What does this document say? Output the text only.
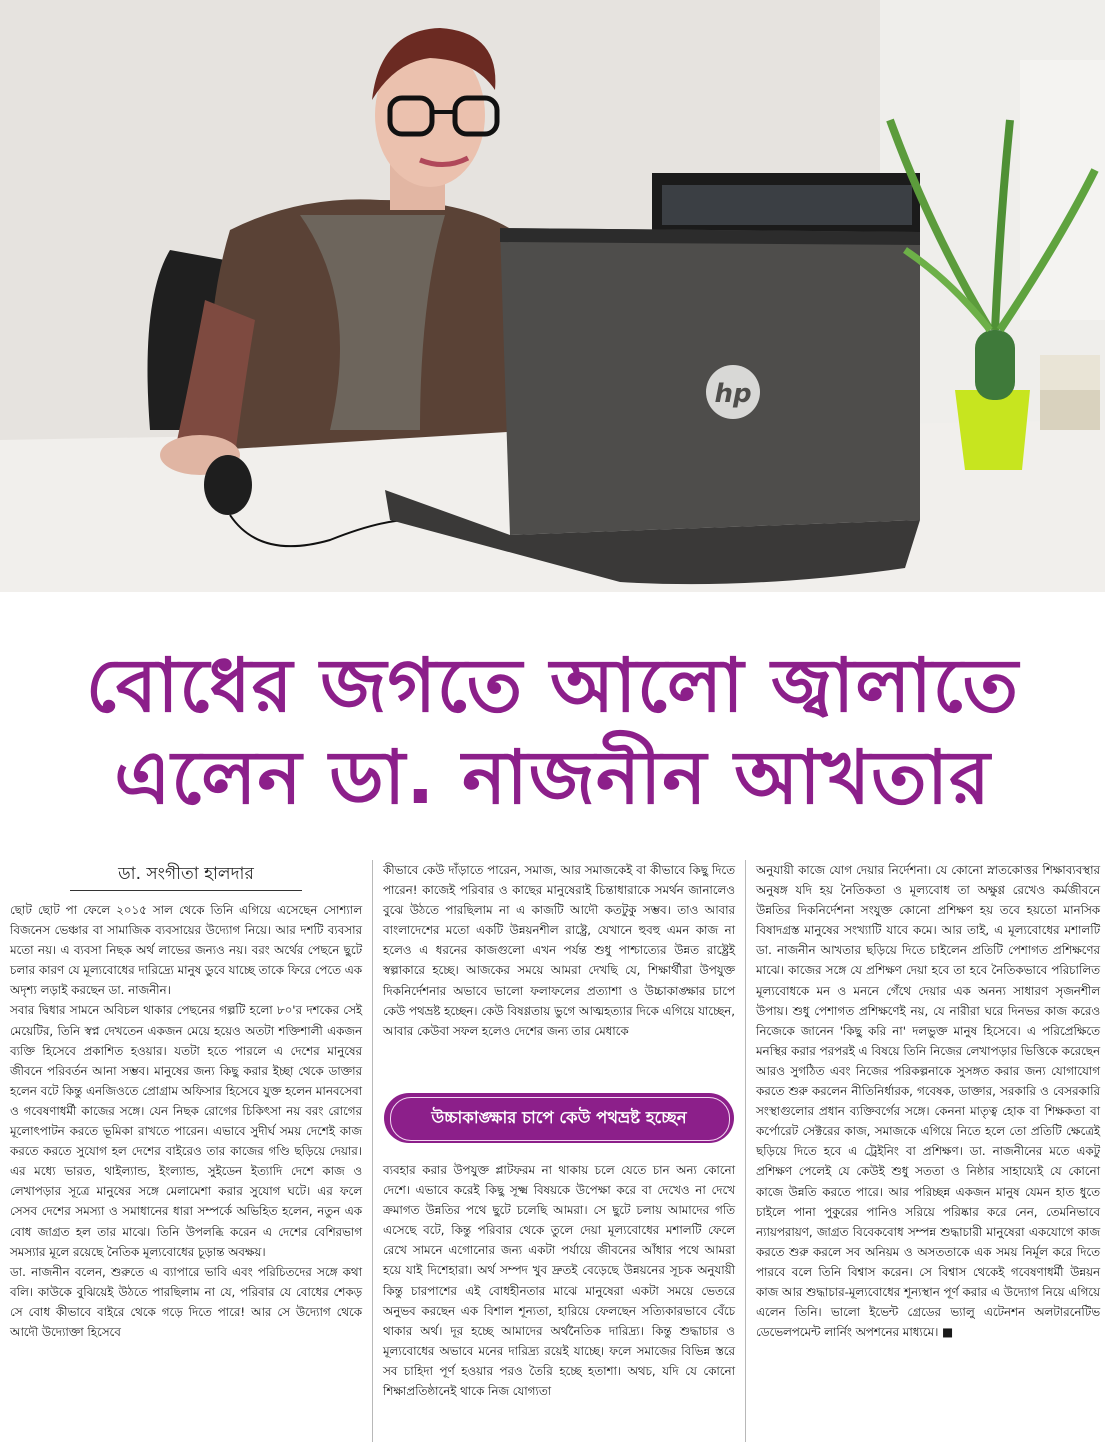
hp
বোধের জগতে আলো জ্বালাতে
এলেন ডা. নাজনীন আখতার
ডা. সংগীতা হালদার

ছোট ছোট পা ফেলে ২০১৫ সাল থেকে তিনি এগিয়ে এসেছেন সোশ্যাল বিজনেস ভেঞ্চার বা সামাজিক ব্যবসায়ের উদ্যোগ নিয়ে। আর দশটি ব্যবসার মতো নয়। এ ব্যবসা নিছক অর্থ লাভের জন্যও নয়। বরং অর্থের পেছনে ছুটে চলার কারণ যে মূল্যবোধের দারিদ্র্যে মানুষ ডুবে যাচ্ছে তাকে ফিরে পেতে এক অদৃশ্য লড়াই করছেন ডা. নাজনীন।

সবার দ্বিধার সামনে অবিচল থাকার পেছনের গল্পটি হলো ৮০'র দশকের সেই মেয়েটির, তিনি স্বপ্ন দেখতেন একজন মেয়ে হয়েও অতটা শক্তিশালী একজন ব্যক্তি হিসেবে প্রকাশিত হওয়ার। যতটা হতে পারলে এ দেশের মানুষের জীবনে পরিবর্তন আনা সম্ভব। মানুষের জন্য কিছু করার ইচ্ছা থেকে ডাক্তার হলেন বটে কিন্তু এনজিওতে প্রোগ্রাম অফিসার হিসেবে যুক্ত হলেন মানবসেবা ও গবেষণাধর্মী কাজের সঙ্গে। যেন নিছক রোগের চিকিৎসা নয় বরং রোগের মূলোৎপাটন করতে ভূমিকা রাখতে পারেন। এভাবে সুদীর্ঘ সময় দেশেই কাজ করতে করতে সুযোগ হল দেশের বাইরেও তার কাজের গণ্ডি ছড়িয়ে দেয়ার। এর মধ্যে ভারত, থাইল্যান্ড, ইংল্যান্ড, সুইডেন ইত্যাদি দেশে কাজ ও লেখাপড়ার সূত্রে মানুষের সঙ্গে মেলামেশা করার সুযোগ ঘটে। এর ফলে সেসব দেশের সমস্যা ও সমাধানের ধারা সম্পর্কে অভিহিত হলেন, নতুন এক বোধ জাগ্রত হল তার মাঝে। তিনি উপলব্ধি করেন এ দেশের বেশিরভাগ সমস্যার মূলে রয়েছে নৈতিক মূল্যবোধের চূড়ান্ত অবক্ষয়।

ডা. নাজনীন বলেন, শুরুতে এ ব্যাপারে ভাবি এবং পরিচিতদের সঙ্গে কথা বলি। কাউকে বুঝিয়েই উঠতে পারছিলাম না যে, পরিবার যে বোধের শেকড় সে বোধ কীভাবে বাইরে থেকে গড়ে দিতে পারে! আর সে উদ্যোগ থেকে আদৌ উদ্যোক্তা হিসেবে

কীভাবে কেউ দাঁড়াতে পারেন, সমাজ, আর সমাজকেই বা কীভাবে কিছু দিতে পারেন! কাজেই পরিবার ও কাছের মানুষেরাই চিন্তাধারাকে সমর্থন জানালেও বুঝে উঠতে পারছিলাম না এ কাজটি আদৌ কতটুকু সম্ভব। তাও আবার বাংলাদেশের মতো একটি উন্নয়নশীল রাষ্ট্রে, যেখানে হুবহু এমন কাজ না হলেও এ ধরনের কাজগুলো এখন পর্যন্ত শুধু পাশ্চাত্যের উন্নত রাষ্ট্রেই স্বল্পাকারে হচ্ছে। আজকের সময়ে আমরা দেখছি যে, শিক্ষার্থীরা উপযুক্ত দিকনির্দেশনার অভাবে ভালো ফলাফলের প্রত্যাশা ও উচ্চাকাঙ্ক্ষার চাপে কেউ পথভ্রষ্ট হচ্ছেন। কেউ বিষণ্ণতায় ভুগে আত্মহত্যার দিকে এগিয়ে যাচ্ছেন, আবার কেউবা সফল হলেও দেশের জন্য তার মেধাকে

উচ্চাকাঙ্ক্ষার চাপে কেউ পথভ্রষ্ট হচ্ছেন

ব্যবহার করার উপযুক্ত প্লাটফরম না থাকায় চলে যেতে চান অন্য কোনো দেশে। এভাবে করেই কিছু সূক্ষ্ম বিষয়কে উপেক্ষা করে বা দেখেও না দেখে ক্রমাগত উন্নতির পথে ছুটে চলেছি আমরা। সে ছুটে চলায় আমাদের গতি এসেছে বটে, কিন্তু পরিবার থেকে তুলে দেয়া মূল্যবোধের মশালটি ফেলে রেখে সামনে এগোনোর জন্য একটা পর্যায়ে জীবনের আঁধার পথে আমরা হয়ে যাই দিশেহারা। অর্থ সম্পদ খুব দ্রুতই বেড়েছে উন্নয়নের সূচক অনুযায়ী কিন্তু চারপাশের এই বোধহীনতার মাঝে মানুষেরা একটা সময়ে ভেতরে অনুভব করছেন এক বিশাল শূন্যতা, হারিয়ে ফেলছেন সত্যিকারভাবে বেঁচে থাকার অর্থ। দূর হচ্ছে আমাদের অর্থনৈতিক দারিদ্র্য। কিন্তু শুদ্ধাচার ও মূল্যবোধের অভাবে মনের দারিদ্র্য রয়েই যাচ্ছে। ফলে সমাজের বিভিন্ন স্তরে সব চাহিদা পূর্ণ হওয়ার পরও তৈরি হচ্ছে হতাশা। অথচ, যদি যে কোনো শিক্ষাপ্রতিষ্ঠানেই থাকে নিজ যোগ্যতা

অনুযায়ী কাজে যোগ দেয়ার নির্দেশনা। যে কোনো স্নাতকোত্তর শিক্ষাব্যবস্থার অনুষঙ্গ যদি হয় নৈতিকতা ও মূল্যবোধ তা অক্ষুণ্ণ রেখেও কর্মজীবনে উন্নতির দিকনির্দেশনা সংযুক্ত কোনো প্রশিক্ষণ হয় তবে হয়তো মানসিক বিষাদগ্রস্ত মানুষের সংখ্যাটি যাবে কমে। আর তাই, এ মূল্যবোধের মশালটি ডা. নাজনীন আখতার ছড়িয়ে দিতে চাইলেন প্রতিটি পেশাগত প্রশিক্ষণের মাঝে। কাজের সঙ্গে যে প্রশিক্ষণ দেয়া হবে তা হবে নৈতিকভাবে পরিচালিত মূল্যবোধকে মন ও মননে গেঁথে দেয়ার এক অনন্য সাধারণ সৃজনশীল উপায়। শুধু পেশাগত প্রশিক্ষণেই নয়, যে নারীরা ঘরে দিনভর কাজ করেও নিজেকে জানেন 'কিছু করি না' দলভুক্ত মানুষ হিসেবে। এ পরিপ্রেক্ষিতে মনস্থির করার পরপরই এ বিষয়ে তিনি নিজের লেখাপড়ার ভিত্তিকে করেছেন আরও সুগঠিত এবং নিজের পরিকল্পনাকে সুসঙ্গত করার জন্য যোগাযোগ করতে শুরু করলেন নীতিনির্ধারক, গবেষক, ডাক্তার, সরকারি ও বেসরকারি সংস্থাগুলোর প্রধান ব্যক্তিবর্গের সঙ্গে। কেননা মাতৃত্ব হোক বা শিক্ষকতা বা কর্পোরেট সেক্টরের কাজ, সমাজকে এগিয়ে নিতে হলে তো প্রতিটি ক্ষেত্রেই ছড়িয়ে দিতে হবে এ ট্রেইনিং বা প্রশিক্ষণ। ডা. নাজনীনের মতে একটু প্রশিক্ষণ পেলেই যে কেউই শুধু সততা ও নিষ্ঠার সাহায্যেই যে কোনো কাজে উন্নতি করতে পারে। আর পরিচ্ছন্ন একজন মানুষ যেমন হাত ধুতে চাইলে পানা পুকুরের পানিও সরিয়ে পরিষ্কার করে নেন, তেমনিভাবে ন্যায়পরায়ণ, জাগ্রত বিবেকবোধ সম্পন্ন শুদ্ধাচারী মানুষেরা একযোগে কাজ করতে শুরু করলে সব অনিয়ম ও অসততাকে এক সময় নির্মূল করে দিতে পারবে বলে তিনি বিশ্বাস করেন। সে বিশ্বাস থেকেই গবেষণাধর্মী উন্নয়ন কাজ আর শুদ্ধাচার-মূল্যবোধের শূন্যস্থান পূর্ণ করার এ উদ্যোগ নিয়ে এগিয়ে এলেন তিনি। ভালো ইভেন্ট গ্রেডের ভ্যালু এটেনশন অলটারনেটিভ ডেভেলপমেন্ট লার্নিং অপশনের মাধ্যমে। ■
